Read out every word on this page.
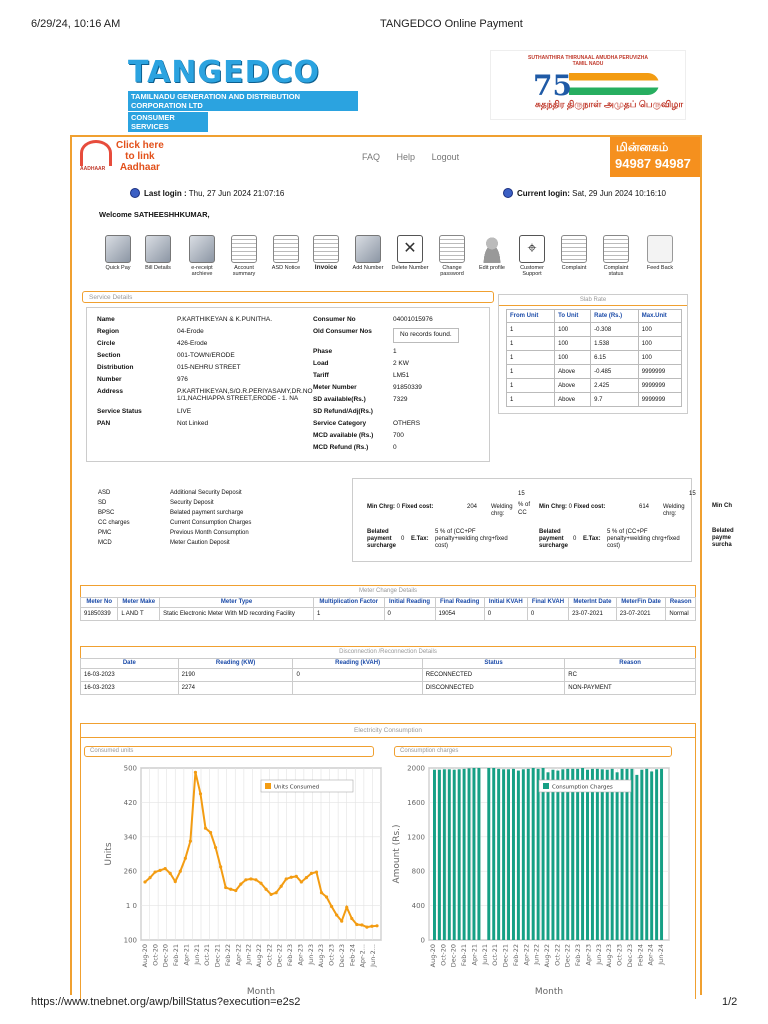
6/29/24, 10:16 AM	TANGEDCO Online Payment
TANGEDCO
TAMILNADU GENERATION AND DISTRIBUTION CORPORATION LTD
CONSUMER SERVICES
SUTHANTHIRA THIRUNAAL AMUDHA PERUVIZHA
TAMIL NADU
75
சுதந்திர திருநாள் அமுதப் பெருவிழா
AADHAAR
Click here
to link
Aadhaar
FAQ Help Logout
மின்னகம்
94987 94987
Last login : Thu, 27 Jun 2024 21:07:16	Current login: Sat, 29 Jun 2024 10:16:10
Welcome SATHEESHHKUMAR,
Quick Pay	Bill Details	e-receipt archieve
Account summary
ASD Notice	Invoice	Add Number
✕
Delete Number	Change password
Edit profile
⌖
Customer Support
Complaint	Complaint status
Feed Back
Service Details
Name	P.KARTHIKEYAN & K.PUNITHA.
Region	04-Erode
Circle	426-Erode
Section	001-TOWN/ERODE
Distribution	015-NEHRU STREET
Number	976
Address	P.KARTHIKEYAN,S/O.R.PERIYASAMY,DR.NO 1/1,NACHIAPPA STREET,ERODE - 1. NA
Service Status	LIVE
PAN	Not Linked
Consumer No	04001015976
Old Consumer Nos	No records found.
Phase	1
Load	2 KW
Tariff	LM51
Meter Number	91850339
SD available(Rs.)	7329
SD Refund/Adj(Rs.)
Service Category	OTHERS
MCD available (Rs.)	700
MCD Refund (Rs.)	0
Slab Rate
From Unit	To Unit	Rate (Rs.)	Max.Unit
1	100	-0.308	100
1	100	1.538	100
1	100	6.15	100
1	Above	-0.485	9999999
1	Above	2.425	9999999
1	Above	9.7	9999999
ASD	Additional Security Deposit
SD	Security Deposit
BPSC	Belated payment surcharge
CC charges	Current Consumption Charges
PMC	Previous Month Consumption
MCD	Meter Caution Deposit
Min Chrg: 0 Fixed cost:	204 Welding chrg:
15
% of CC
Min Chrg: 0 Fixed cost:	614 Welding chrg:
15
Belated payment surcharge
0 E.Tax:
5 % of (CC+PF penalty+welding chrg+fixed cost)
Belated payment surcharge
0 E.Tax:
5 % of (CC+PF penalty+welding chrg+fixed cost)
Min Ch
Belated payme surcha
Meter Change Details
Meter No	Meter Make	Meter Type	Multiplication Factor	Initial Reading	Final Reading	Initial KVAH	Final KVAH	MeterInt Date	MeterFin Date	Reason
91850339	L AND T	Static Electronic Meter With MD recording Facility	1	0	19054	0	0	23-07-2021	23-07-2021	Normal
Disconnection /Reconnection Details
Date	Reading (KW)	Reading (kVAH)	Status	Reason
16-03-2023	2190	0	RECONNECTED	RC
16-03-2023	2274		DISCONNECTED	NON-PAYMENT
Electricity Consumption
Consumed units	Consumption charges
500
420
340
260
1 0
100
Units
Month
Aug-20 Oct-20 Dec-20 Feb-21 Apr-21 Jun-21 Oct-21 Dec-21 Feb-22 Apr-22 Jun-22 Aug-22 Oct-22 Dec-22 Feb-23 Apr-23 Jun-23 Aug-23 Oct-23 Dec-23 Feb-24 Apr-2... Jun-2...
Units Consumed
2000
1600
1200
800
400
0
Amount (Rs.)
Month
Aug-20 Oct-20 Dec-20 Feb-21 Apr-21 Jun-21 Oct-21 Dec-21 Feb-22 Apr-22 Jun-22 Aug-22 Oct-22 Dec-22 Feb-23 Apr-23 Jun-23 Aug-23 Oct-23 Dec-23 Feb-24 Apr-24 Jun-24
Consumption Charges
https://www.tnebnet.org/awp/billStatus?execution=e2s2	1/2
